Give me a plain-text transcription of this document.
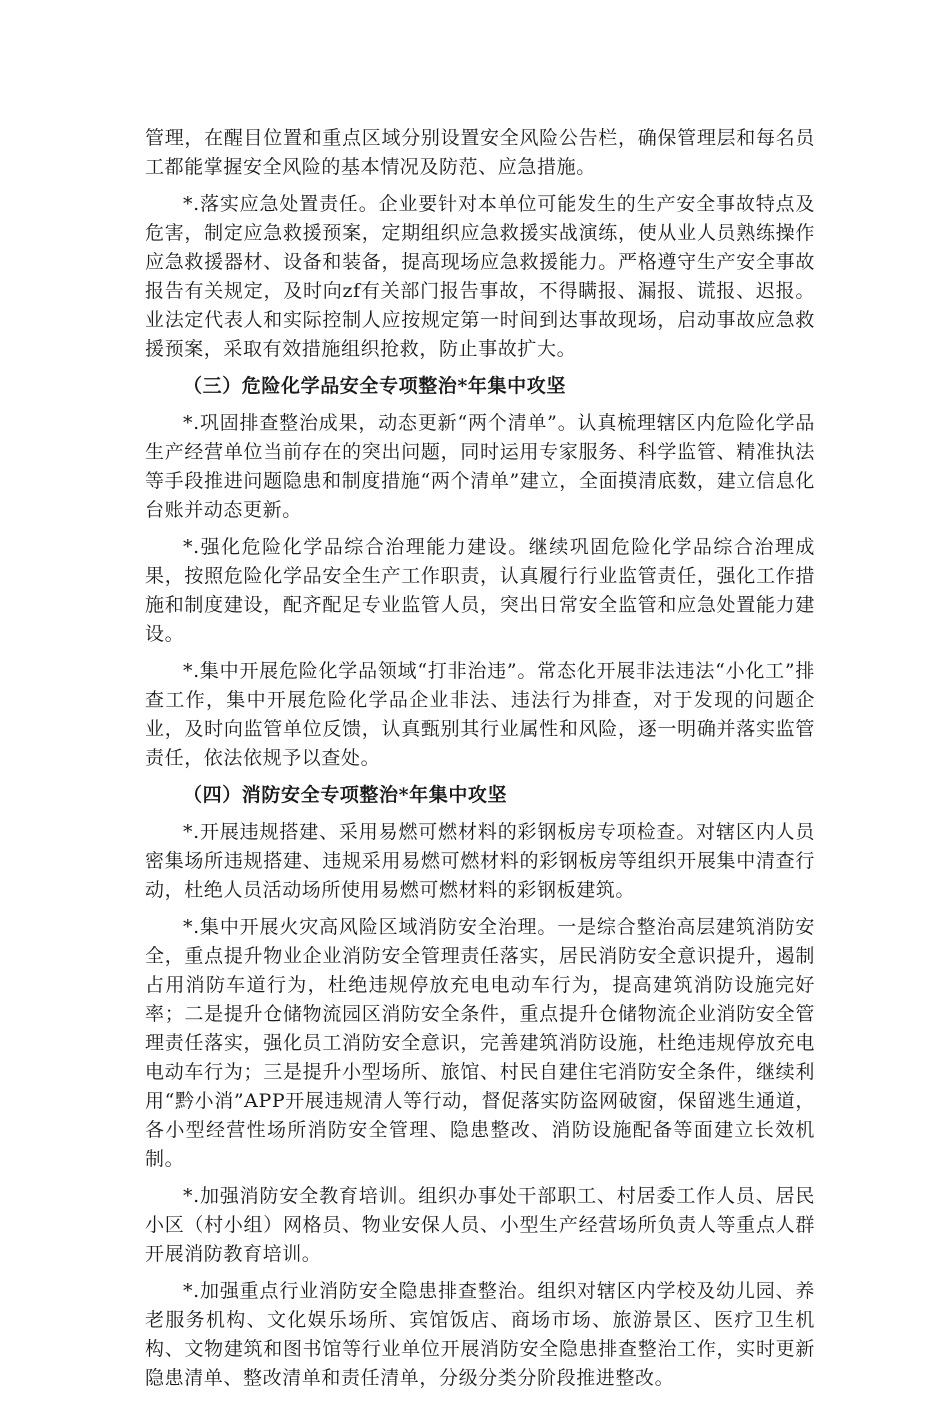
管理，在醒目位置和重点区域分别设置安全风险公告栏，确保管理层和每名员工都能掌握安全风险的基本情况及防范、应急措施。

*.落实应急处置责任。企业要针对本单位可能发生的生产安全事故特点及危害，制定应急救援预案，定期组织应急救援实战演练，使从业人员熟练操作应急救援器材、设备和装备，提高现场应急救援能力。严格遵守生产安全事故报告有关规定，及时向zf有关部门报告事故，不得瞒报、漏报、谎报、迟报。业法定代表人和实际控制人应按规定第一时间到达事故现场，启动事故应急救援预案，采取有效措施组织抢救，防止事故扩大。

（三）危险化学品安全专项整治*年集中攻坚

*.巩固排查整治成果，动态更新“两个清单”。认真梳理辖区内危险化学品生产经营单位当前存在的突出问题，同时运用专家服务、科学监管、精准执法等手段推进问题隐患和制度措施“两个清单”建立，全面摸清底数，建立信息化台账并动态更新。

*.强化危险化学品综合治理能力建设。继续巩固危险化学品综合治理成果，按照危险化学品安全生产工作职责，认真履行行业监管责任，强化工作措施和制度建设，配齐配足专业监管人员，突出日常安全监管和应急处置能力建设。

*.集中开展危险化学品领域“打非治违”。常态化开展非法违法“小化工”排查工作，集中开展危险化学品企业非法、违法行为排查，对于发现的问题企业，及时向监管单位反馈，认真甄别其行业属性和风险，逐一明确并落实监管责任，依法依规予以查处。

（四）消防安全专项整治*年集中攻坚

*.开展违规搭建、采用易燃可燃材料的彩钢板房专项检查。对辖区内人员密集场所违规搭建、违规采用易燃可燃材料的彩钢板房等组织开展集中清查行动，杜绝人员活动场所使用易燃可燃材料的彩钢板建筑。

*.集中开展火灾高风险区域消防安全治理。一是综合整治高层建筑消防安全，重点提升物业企业消防安全管理责任落实，居民消防安全意识提升，遏制占用消防车道行为，杜绝违规停放充电电动车行为，提高建筑消防设施完好率；二是提升仓储物流园区消防安全条件，重点提升仓储物流企业消防安全管理责任落实，强化员工消防安全意识，完善建筑消防设施，杜绝违规停放充电电动车行为；三是提升小型场所、旅馆、村民自建住宅消防安全条件，继续利用“黔小消”APP开展违规清人等行动，督促落实防盗网破窗，保留逃生通道，各小型经营性场所消防安全管理、隐患整改、消防设施配备等面建立长效机制。

*.加强消防安全教育培训。组织办事处干部职工、村居委工作人员、居民小区（村小组）网格员、物业安保人员、小型生产经营场所负责人等重点人群开展消防教育培训。

*.加强重点行业消防安全隐患排查整治。组织对辖区内学校及幼儿园、养老服务机构、文化娱乐场所、宾馆饭店、商场市场、旅游景区、医疗卫生机构、文物建筑和图书馆等行业单位开展消防安全隐患排查整治工作，实时更新隐患清单、整改清单和责任清单，分级分类分阶段推进整改。
